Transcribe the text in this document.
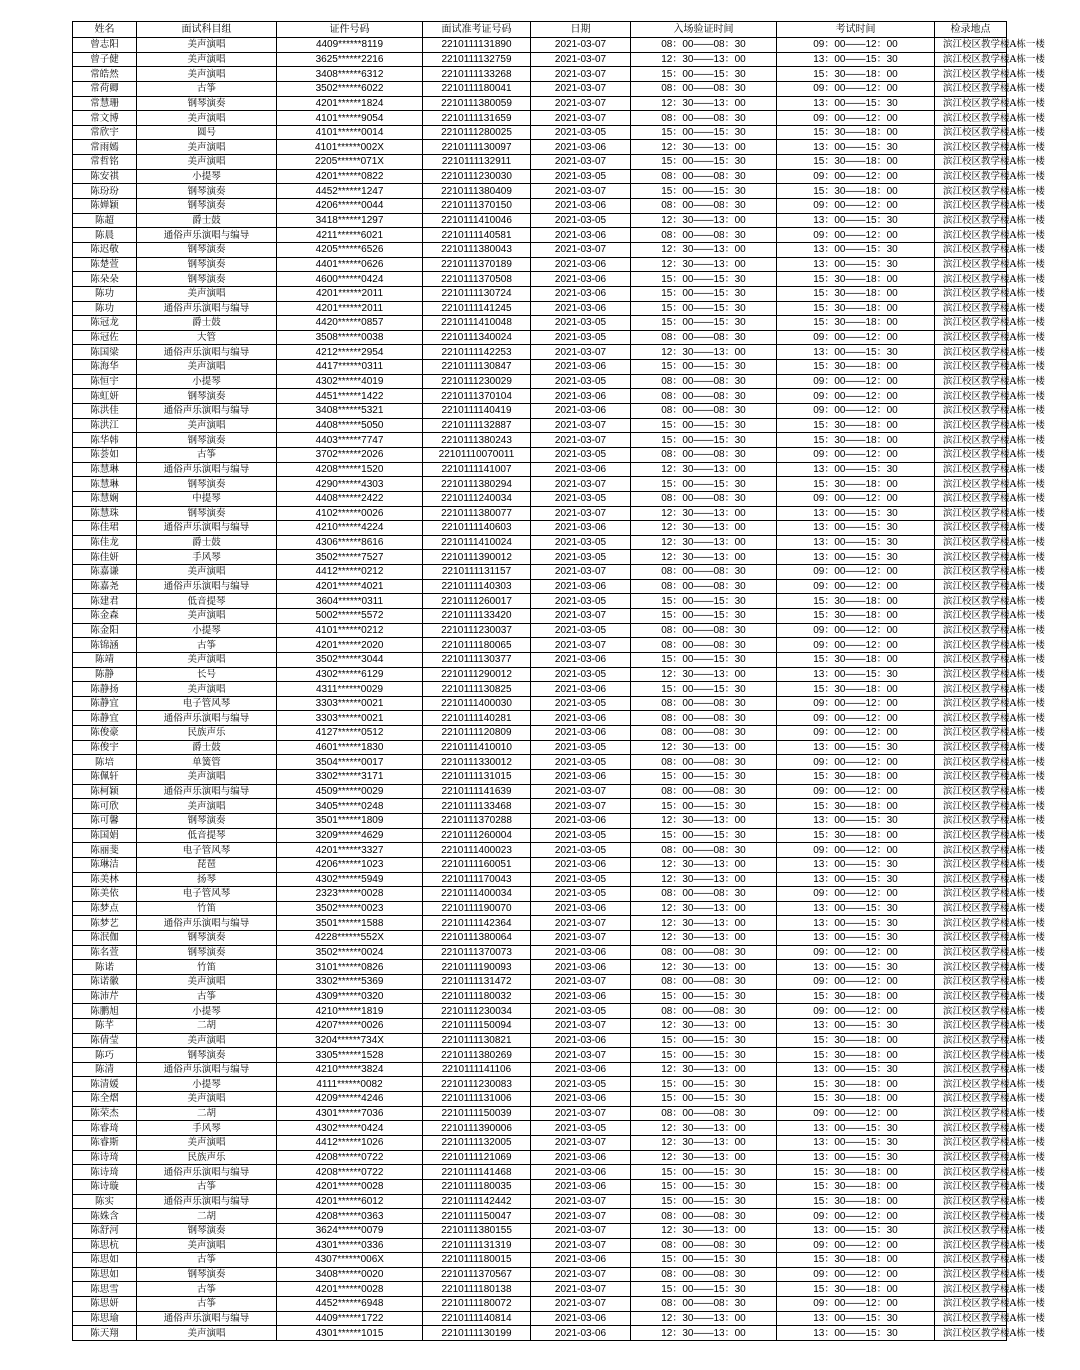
姓名	面试科目组	证件号码	面试准考证号码	日期	入场验证时间	考试时间	检录地点
曾志阳	美声演唱	4409******8119	2210111131890	2021-03-07	08：00——08：30	09：00——12：00	滨江校区教学楼A栋一楼
曾子健	美声演唱	3625******2216	2210111132759	2021-03-07	12：30——13：00	13：00——15：30	滨江校区教学楼A栋一楼
常皓然	美声演唱	3408******6312	2210111133268	2021-03-07	15：00——15：30	15：30——18：00	滨江校区教学楼A栋一楼
常荷卿	古筝	3502******6022	2210111180041	2021-03-07	08：00——08：30	09：00——12：00	滨江校区教学楼A栋一楼
常慧珊	钢琴演奏	4201******1824	2210111380059	2021-03-07	12：30——13：00	13：00——15：30	滨江校区教学楼A栋一楼
常文博	美声演唱	4101******9054	2210111131659	2021-03-07	08：00——08：30	09：00——12：00	滨江校区教学楼A栋一楼
常欣宇	圆号	4101******0014	2210111280025	2021-03-05	15：00——15：30	15：30——18：00	滨江校区教学楼A栋一楼
常雨嫣	美声演唱	4101******002X	2210111130097	2021-03-06	12：30——13：00	13：00——15：30	滨江校区教学楼A栋一楼
常哲铭	美声演唱	2205******071X	2210111132911	2021-03-07	15：00——15：30	15：30——18：00	滨江校区教学楼A栋一楼
陈安祺	小提琴	4201******0822	2210111230030	2021-03-05	08：00——08：30	09：00——12：00	滨江校区教学楼A栋一楼
陈玢玢	钢琴演奏	4452******1247	2210111380409	2021-03-07	15：00——15：30	15：30——18：00	滨江校区教学楼A栋一楼
陈婵颖	钢琴演奏	4206******0044	2210111370150	2021-03-06	08：00——08：30	09：00——12：00	滨江校区教学楼A栋一楼
陈超	爵士鼓	3418******1297	2210111410046	2021-03-05	12：30——13：00	13：00——15：30	滨江校区教学楼A栋一楼
陈晨	通俗声乐演唱与编导	4211******6021	2210111140581	2021-03-06	08：00——08：30	09：00——12：00	滨江校区教学楼A栋一楼
陈迟敬	钢琴演奏	4205******6526	2210111380043	2021-03-07	12：30——13：00	13：00——15：30	滨江校区教学楼A栋一楼
陈楚萱	钢琴演奏	4401******0626	2210111370189	2021-03-06	12：30——13：00	13：00——15：30	滨江校区教学楼A栋一楼
陈朵朵	钢琴演奏	4600******0424	2210111370508	2021-03-06	15：00——15：30	15：30——18：00	滨江校区教学楼A栋一楼
陈功	美声演唱	4201******2011	2210111130724	2021-03-06	15：00——15：30	15：30——18：00	滨江校区教学楼A栋一楼
陈功	通俗声乐演唱与编导	4201******2011	2210111141245	2021-03-06	15：00——15：30	15：30——18：00	滨江校区教学楼A栋一楼
陈冠龙	爵士鼓	4420******0857	2210111410048	2021-03-05	15：00——15：30	15：30——18：00	滨江校区教学楼A栋一楼
陈冠佐	大管	3508******0038	2210111340024	2021-03-05	08：00——08：30	09：00——12：00	滨江校区教学楼A栋一楼
陈国梁	通俗声乐演唱与编导	4212******2954	2210111142253	2021-03-07	12：30——13：00	13：00——15：30	滨江校区教学楼A栋一楼
陈海华	美声演唱	4417******0311	2210111130847	2021-03-06	15：00——15：30	15：30——18：00	滨江校区教学楼A栋一楼
陈恒宇	小提琴	4302******4019	2210111230029	2021-03-05	08：00——08：30	09：00——12：00	滨江校区教学楼A栋一楼
陈虹妍	钢琴演奏	4451******1422	2210111370104	2021-03-06	08：00——08：30	09：00——12：00	滨江校区教学楼A栋一楼
陈洪佳	通俗声乐演唱与编导	3408******5321	2210111140419	2021-03-06	08：00——08：30	09：00——12：00	滨江校区教学楼A栋一楼
陈洪江	美声演唱	4408******5050	2210111132887	2021-03-07	15：00——15：30	15：30——18：00	滨江校区教学楼A栋一楼
陈华韩	钢琴演奏	4403******7747	2210111380243	2021-03-07	15：00——15：30	15：30——18：00	滨江校区教学楼A栋一楼
陈荟如	古筝	3702******2026	22101110070011	2021-03-05	08：00——08：30	09：00——12：00	滨江校区教学楼A栋一楼
陈慧琳	通俗声乐演唱与编导	4208******1520	2210111141007	2021-03-06	12：30——13：00	13：00——15：30	滨江校区教学楼A栋一楼
陈慧琳	钢琴演奏	4290******4303	2210111380294	2021-03-07	15：00——15：30	15：30——18：00	滨江校区教学楼A栋一楼
陈慧娴	中提琴	4408******2422	2210111240034	2021-03-05	08：00——08：30	09：00——12：00	滨江校区教学楼A栋一楼
陈慧珠	钢琴演奏	4102******0026	2210111380077	2021-03-07	12：30——13：00	13：00——15：30	滨江校区教学楼A栋一楼
陈佳珺	通俗声乐演唱与编导	4210******4224	2210111140603	2021-03-06	12：30——13：00	13：00——15：30	滨江校区教学楼A栋一楼
陈佳龙	爵士鼓	4306******8616	2210111410024	2021-03-05	12：30——13：00	13：00——15：30	滨江校区教学楼A栋一楼
陈佳妍	手风琴	3502******7527	2210111390012	2021-03-05	12：30——13：00	13：00——15：30	滨江校区教学楼A栋一楼
陈嘉谦	美声演唱	4412******0212	2210111131157	2021-03-07	08：00——08：30	09：00——12：00	滨江校区教学楼A栋一楼
陈嘉尧	通俗声乐演唱与编导	4201******4021	2210111140303	2021-03-06	08：00——08：30	09：00——12：00	滨江校区教学楼A栋一楼
陈建君	低音提琴	3604******0311	2210111260017	2021-03-05	15：00——15：30	15：30——18：00	滨江校区教学楼A栋一楼
陈金森	美声演唱	5002******5572	2210111133420	2021-03-07	15：00——15：30	15：30——18：00	滨江校区教学楼A栋一楼
陈金阳	小提琴	4101******0212	2210111230037	2021-03-05	08：00——08：30	09：00——12：00	滨江校区教学楼A栋一楼
陈锦涵	古筝	4201******2020	2210111180065	2021-03-07	08：00——08：30	09：00——12：00	滨江校区教学楼A栋一楼
陈靖	美声演唱	3502******3044	2210111130377	2021-03-06	15：00——15：30	15：30——18：00	滨江校区教学楼A栋一楼
陈静	长号	4302******6129	2210111290012	2021-03-05	12：30——13：00	13：00——15：30	滨江校区教学楼A栋一楼
陈静扬	美声演唱	4311******0029	2210111130825	2021-03-06	15：00——15：30	15：30——18：00	滨江校区教学楼A栋一楼
陈静宜	电子管风琴	3303******0021	2210111400030	2021-03-05	08：00——08：30	09：00——12：00	滨江校区教学楼A栋一楼
陈静宜	通俗声乐演唱与编导	3303******0021	2210111140281	2021-03-06	08：00——08：30	09：00——12：00	滨江校区教学楼A栋一楼
陈俊豪	民族声乐	4127******0512	2210111120809	2021-03-06	08：00——08：30	09：00——12：00	滨江校区教学楼A栋一楼
陈俊宇	爵士鼓	4601******1830	2210111410010	2021-03-05	12：30——13：00	13：00——15：30	滨江校区教学楼A栋一楼
陈培	单簧管	3504******0017	2210111330012	2021-03-05	08：00——08：30	09：00——12：00	滨江校区教学楼A栋一楼
陈佩轩	美声演唱	3302******3171	2210111131015	2021-03-06	15：00——15：30	15：30——18：00	滨江校区教学楼A栋一楼
陈柯颖	通俗声乐演唱与编导	4509******0029	2210111141639	2021-03-07	08：00——08：30	09：00——12：00	滨江校区教学楼A栋一楼
陈可欣	美声演唱	3405******0248	2210111133468	2021-03-07	15：00——15：30	15：30——18：00	滨江校区教学楼A栋一楼
陈可馨	钢琴演奏	3501******1809	2210111370288	2021-03-06	12：30——13：00	13：00——15：30	滨江校区教学楼A栋一楼
陈国娟	低音提琴	3209******4629	2210111260004	2021-03-05	15：00——15：30	15：30——18：00	滨江校区教学楼A栋一楼
陈丽斐	电子管风琴	4201******3327	2210111400023	2021-03-05	08：00——08：30	09：00——12：00	滨江校区教学楼A栋一楼
陈琳洁	琵琶	4206******1023	2210111160051	2021-03-06	12：30——13：00	13：00——15：30	滨江校区教学楼A栋一楼
陈美林	扬琴	4302******5949	2210111170043	2021-03-05	12：30——13：00	13：00——15：30	滨江校区教学楼A栋一楼
陈美依	电子管风琴	2323******0028	2210111400034	2021-03-05	08：00——08：30	09：00——12：00	滨江校区教学楼A栋一楼
陈梦点	竹笛	3502******0023	2210111190070	2021-03-06	12：30——13：00	13：00——15：30	滨江校区教学楼A栋一楼
陈梦艺	通俗声乐演唱与编导	3501******1588	2210111142364	2021-03-07	12：30——13：00	13：00——15：30	滨江校区教学楼A栋一楼
陈泯伽	钢琴演奏	4228******552X	2210111380064	2021-03-07	12：30——13：00	13：00——15：30	滨江校区教学楼A栋一楼
陈名萱	钢琴演奏	3502******0024	2210111370073	2021-03-06	08：00——08：30	09：00——12：00	滨江校区教学楼A栋一楼
陈诺	竹笛	3101******0826	2210111190093	2021-03-06	12：30——13：00	13：00——15：30	滨江校区教学楼A栋一楼
陈诺徽	美声演唱	3302******5369	2210111131472	2021-03-07	08：00——08：30	09：00——12：00	滨江校区教学楼A栋一楼
陈沛芹	古筝	4309******0320	2210111180032	2021-03-06	15：00——15：30	15：30——18：00	滨江校区教学楼A栋一楼
陈鹏旭	小提琴	4210******1819	2210111230034	2021-03-05	08：00——08：30	09：00——12：00	滨江校区教学楼A栋一楼
陈芊	二胡	4207******0026	2210111150094	2021-03-07	12：30——13：00	13：00——15：30	滨江校区教学楼A栋一楼
陈倩莹	美声演唱	3204******734X	2210111130821	2021-03-06	15：00——15：30	15：30——18：00	滨江校区教学楼A栋一楼
陈巧	钢琴演奏	3305******1528	2210111380269	2021-03-07	15：00——15：30	15：30——18：00	滨江校区教学楼A栋一楼
陈清	通俗声乐演唱与编导	4210******3824	2210111141106	2021-03-06	12：30——13：00	13：00——15：30	滨江校区教学楼A栋一楼
陈清媛	小提琴	4111******0082	2210111230083	2021-03-05	15：00——15：30	15：30——18：00	滨江校区教学楼A栋一楼
陈全熠	美声演唱	4209******4246	2210111131006	2021-03-06	15：00——15：30	15：30——18：00	滨江校区教学楼A栋一楼
陈荣杰	二胡	4301******7036	2210111150039	2021-03-07	08：00——08：30	09：00——12：00	滨江校区教学楼A栋一楼
陈睿琦	手风琴	4302******0424	2210111390006	2021-03-05	12：30——13：00	13：00——15：30	滨江校区教学楼A栋一楼
陈睿斯	美声演唱	4412******1026	2210111132005	2021-03-07	12：30——13：00	13：00——15：30	滨江校区教学楼A栋一楼
陈诗琦	民族声乐	4208******0722	2210111121069	2021-03-06	12：30——13：00	13：00——15：30	滨江校区教学楼A栋一楼
陈诗琦	通俗声乐演唱与编导	4208******0722	2210111141468	2021-03-06	15：00——15：30	15：30——18：00	滨江校区教学楼A栋一楼
陈诗璇	古筝	4201******0028	2210111180035	2021-03-06	15：00——15：30	15：30——18：00	滨江校区教学楼A栋一楼
陈实	通俗声乐演唱与编导	4201******6012	2210111142442	2021-03-07	15：00——15：30	15：30——18：00	滨江校区教学楼A栋一楼
陈姝含	二胡	4208******0363	2210111150047	2021-03-07	08：00——08：30	09：00——12：00	滨江校区教学楼A栋一楼
陈舒河	钢琴演奏	3624******0079	2210111380155	2021-03-07	12：30——13：00	13：00——15：30	滨江校区教学楼A栋一楼
陈思杭	美声演唱	4301******0336	2210111131319	2021-03-07	08：00——08：30	09：00——12：00	滨江校区教学楼A栋一楼
陈思如	古筝	4307******006X	2210111180015	2021-03-06	15：00——15：30	15：30——18：00	滨江校区教学楼A栋一楼
陈思如	钢琴演奏	3408******0020	2210111370567	2021-03-07	08：00——08：30	09：00——12：00	滨江校区教学楼A栋一楼
陈思雪	古筝	4201******0028	2210111180138	2021-03-07	15：00——15：30	15：30——18：00	滨江校区教学楼A栋一楼
陈思妍	古筝	4452******6948	2210111180072	2021-03-07	08：00——08：30	09：00——12：00	滨江校区教学楼A栋一楼
陈思瑜	通俗声乐演唱与编导	4409******1722	2210111140814	2021-03-06	12：30——13：00	13：00——15：30	滨江校区教学楼A栋一楼
陈天翔	美声演唱	4301******1015	2210111130199	2021-03-06	12：30——13：00	13：00——15：30	滨江校区教学楼A栋一楼
